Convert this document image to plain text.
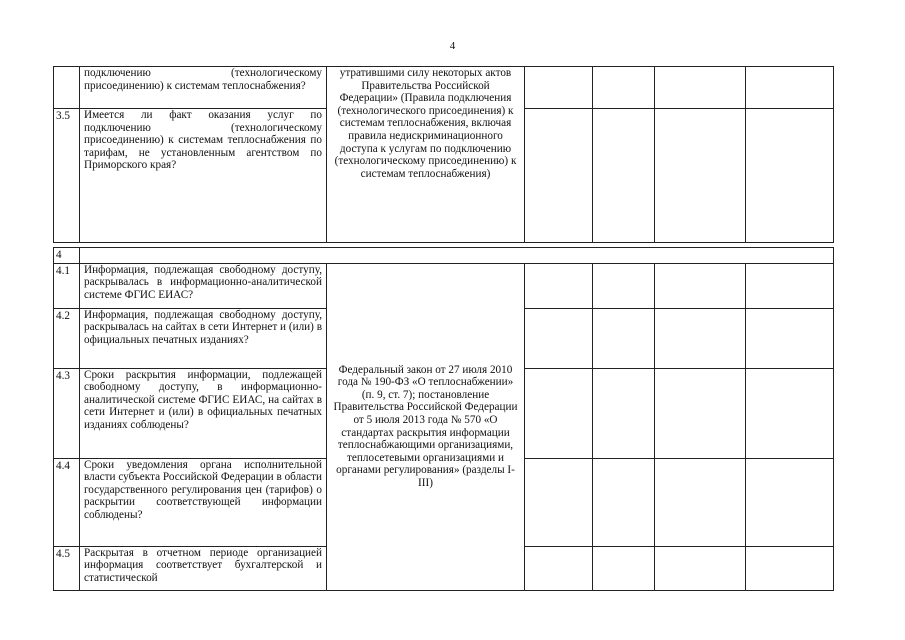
4
	подключению (технологическому присоединению) к системам теплоснабжения?	утратившими силу некоторых актов Правительства Российской Федерации» (Правила подключения (технологического присоединения) к системам теплоснабжения, включая правила недискриминационного доступа к услугам по подключению (технологическому присоединению) к системам теплоснабжения)				
3.5	Имеется ли факт оказания услуг по подключению (технологическому присоединению) к системам теплоснабжения по тарифам, не установленным агентством по Приморского края?					
4						
4.1	Информация, подлежащая свободному доступу, раскрывалась в информационно-аналитической системе ФГИС ЕИАС?	Федеральный закон от 27 июля 2010 года № 190-ФЗ «О теплоснабжении» (п. 9, ст. 7); постановление Правительства Российской Федерации от 5 июля 2013 года № 570 «О стандартах раскрытия информации теплоснабжающими организациями, теплосетевыми организациями и органами регулирования» (разделы I-III)				
4.2	Информация, подлежащая свободному доступу, раскрывалась на сайтах в сети Интернет и (или) в официальных печатных изданиях?					
4.3	Сроки раскрытия информации, подлежащей свободному доступу, в информационно-аналитической системе ФГИС ЕИАС, на сайтах в сети Интернет и (или) в официальных печатных изданиях соблюдены?					
4.4	Сроки уведомления органа исполнительной власти субъекта Российской Федерации в области государственного регулирования цен (тарифов) о раскрытии соответствующей информации соблюдены?					
4.5	Раскрытая в отчетном периоде организацией информация соответствует бухгалтерской и статистической					
